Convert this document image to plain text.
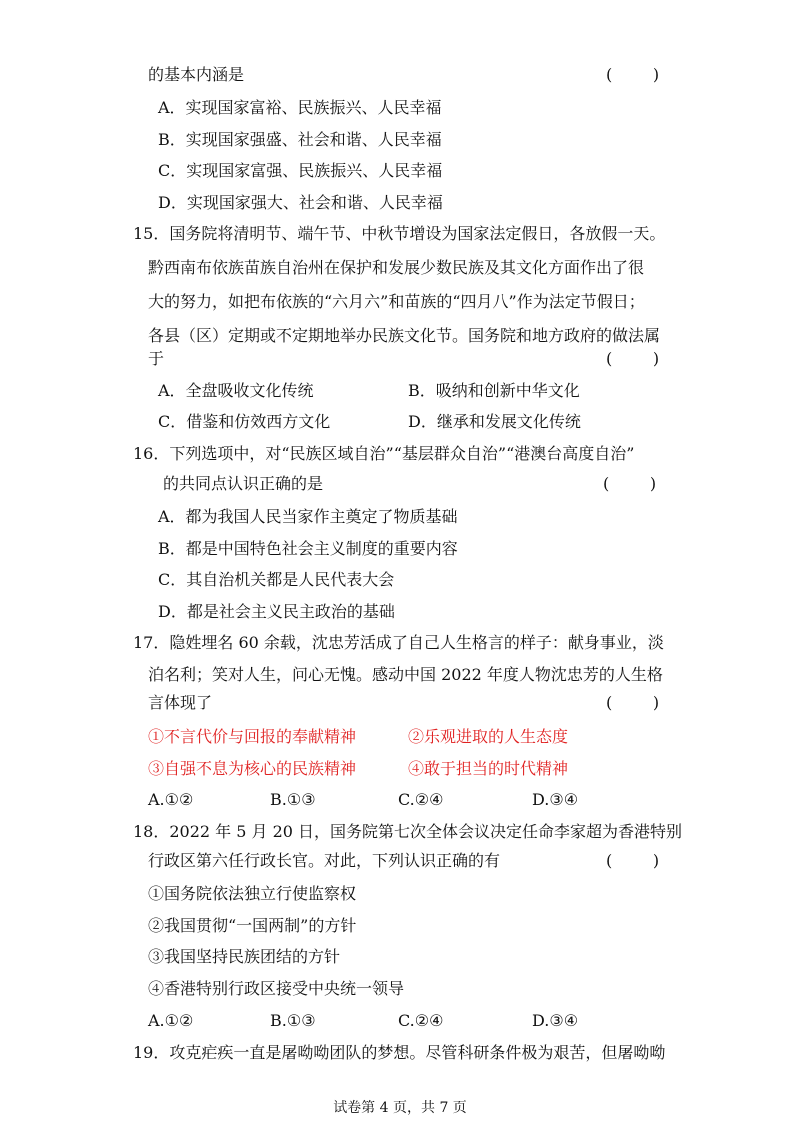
的基本内涵是	(        )
A．实现国家富裕、民族振兴、人民幸福
B．实现国家强盛、社会和谐、人民幸福
C．实现国家富强、民族振兴、人民幸福
D．实现国家强大、社会和谐、人民幸福
15．国务院将清明节、端午节、中秋节增设为国家法定假日，各放假一天。
黔西南布依族苗族自治州在保护和发展少数民族及其文化方面作出了很
大的努力，如把布依族的“六月六”和苗族的“四月八”作为法定节假日；
各县（区）定期或不定期地举办民族文化节。国务院和地方政府的做法属
于	(        )
A．全盘吸收文化传统	B．吸纳和创新中华文化
C．借鉴和仿效西方文化	D．继承和发展文化传统
16．下列选项中，对“民族区域自治”“基层群众自治”“港澳台高度自治”
的共同点认识正确的是	(        )
A．都为我国人民当家作主奠定了物质基础
B．都是中国特色社会主义制度的重要内容
C．其自治机关都是人民代表大会
D．都是社会主义民主政治的基础
17．隐姓埋名 60 余载，沈忠芳活成了自己人生格言的样子：献身事业，淡
泊名利；笑对人生，问心无愧。感动中国 2022 年度人物沈忠芳的人生格
言体现了	(        )
①不言代价与回报的奉献精神	②乐观进取的人生态度
③自强不息为核心的民族精神	④敢于担当的时代精神
A.①②	B.①③	C.②④	D.③④
18．2022 年 5 月 20 日，国务院第七次全体会议决定任命李家超为香港特别
行政区第六任行政长官。对此，下列认识正确的有	(        )
①国务院依法独立行使监察权
②我国贯彻“一国两制”的方针
③我国坚持民族团结的方针
④香港特别行政区接受中央统一领导
A.①②	B.①③	C.②④	D.③④
19．攻克疟疾一直是屠呦呦团队的梦想。尽管科研条件极为艰苦，但屠呦呦
试卷第 4 页，共 7 页
